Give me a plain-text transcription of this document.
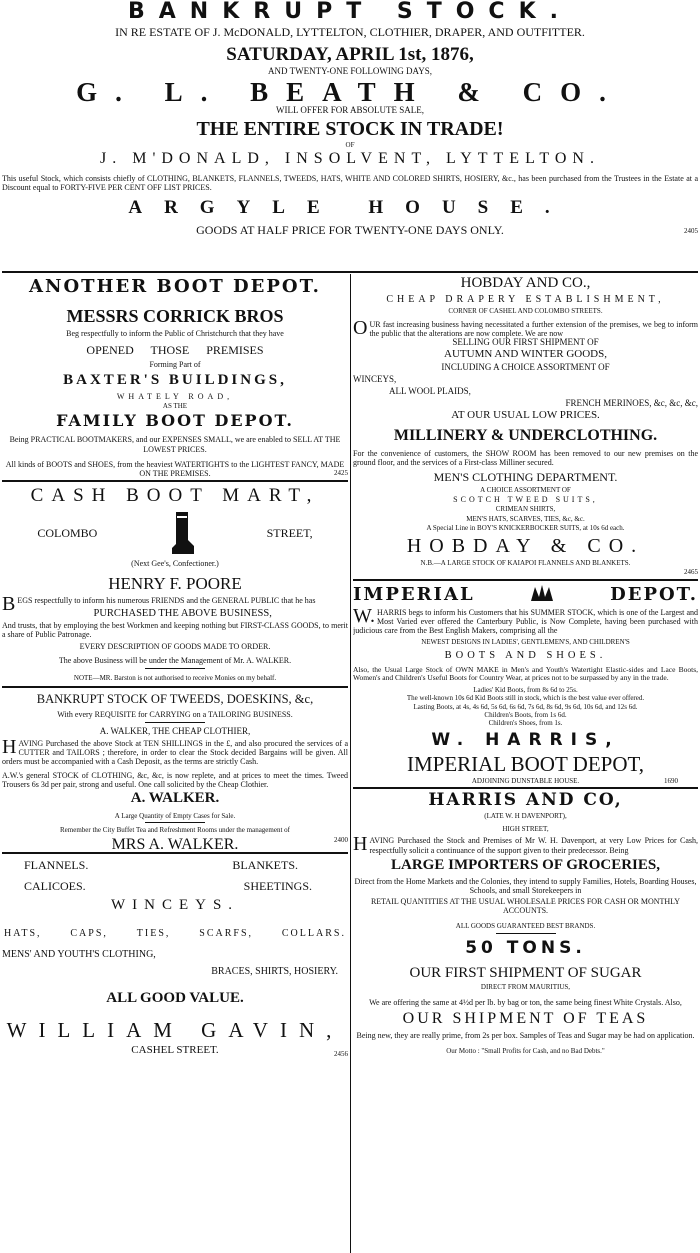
BANKRUPT STOCK.
IN RE ESTATE OF J. McDONALD, LYTTELTON, CLOTHIER, DRAPER, AND OUTFITTER.
SATURDAY, APRIL 1st, 1876,
AND TWENTY-ONE FOLLOWING DAYS,
G. L. BEATH & CO.
WILL OFFER FOR ABSOLUTE SALE,
THE ENTIRE STOCK IN TRADE!
OF
J. M'DONALD, INSOLVENT, LYTTELTON.
This useful Stock, which consists chiefly of CLOTHING, BLANKETS, FLANNELS, TWEEDS, HATS, WHITE AND COLORED SHIRTS, HOSIERY, &c., has been purchased from the Trustees in the Estate at a Discount equal to FORTY-FIVE PER CENT OFF LIST PRICES.
ARGYLE HOUSE.
GOODS AT HALF PRICE FOR TWENTY-ONE DAYS ONLY.	2405
ANOTHER BOOT DEPOT.
MESSRS CORRICK BROS
Beg respectfully to inform the Public of Christchurch that they have
OPENED THOSE PREMISES
Forming Part of
BAXTER'S BUILDINGS,
WHATELY ROAD,
AS THE
FAMILY BOOT DEPOT.
Being PRACTICAL BOOTMAKERS, and our EXPENSES SMALL, we are enabled to SELL AT THE LOWEST PRICES.
All kinds of BOOTS and SHOES, from the heaviest WATERTIGHTS to the LIGHTEST FANCY, MADE ON THE PREMISES.	2425
CASH BOOT MART,
COLOMBO	STREET,
(Next Gee's, Confectioner.)
HENRY F. POORE
BEGS respectfully to inform his numerous FRIENDS and the GENERAL PUBLIC that he has
PURCHASED THE ABOVE BUSINESS,
And trusts, that by employing the best Workmen and keeping nothing but FIRST-CLASS GOODS, to merit a share of Public Patronage.
EVERY DESCRIPTION OF GOODS MADE TO ORDER.
The above Business will be under the Management of Mr. A. WALKER.
NOTE—MR. Barston is not authorised to receive Monies on my behalf.
BANKRUPT STOCK OF TWEEDS, DOESKINS, &c,
With every REQUISITE for CARRYING on a TAILORING BUSINESS.
A. WALKER, THE CHEAP CLOTHIER,
HAVING Purchased the above Stock at TEN SHILLINGS in the £, and also procured the services of a CUTTER and TAILORS ; therefore, in order to clear the Stock decided Bargains will be given. All orders must be accompanied with a Cash Deposit, as the terms are strictly Cash.
A.W.'s general STOCK of CLOTHING, &c, &c, is now replete, and at prices to meet the times. Tweed Trousers 6s 3d per pair, strong and useful. One call solicited by the Cheap Clothier.
A. WALKER.
A Large Quantity of Empty Cases for Sale.
Remember the City Buffet Tea and Refreshment Rooms under the management of
MRS A. WALKER.	2400
FLANNELS.	BLANKETS.
CALICOES.	SHEETINGS.
WINCEYS.
HATS,	CAPS,	TIES,	SCARFS,	COLLARS.
MENS' AND YOUTH'S CLOTHING,
BRACES, SHIRTS, HOSIERY.
ALL GOOD VALUE.
WILLIAM GAVIN,
CASHEL STREET.	2456
HOBDAY AND CO.,
CHEAP DRAPERY ESTABLISHMENT,
CORNER OF CASHEL AND COLOMBO STREETS.
OUR fast increasing business having necessitated a further extension of the premises, we beg to inform the public that the alterations are now complete. We are now
SELLING OUR FIRST SHIPMENT OF
AUTUMN AND WINTER GOODS,
INCLUDING A CHOICE ASSORTMENT OF
WINCEYS,
ALL WOOL PLAIDS,
FRENCH MERINOES, &c, &c, &c,
AT OUR USUAL LOW PRICES.
MILLINERY & UNDERCLOTHING.
For the convenience of customers, the SHOW ROOM has been removed to our new premises on the ground floor, and the services of a First-class Milliner secured.
MEN'S CLOTHING DEPARTMENT.
A CHOICE ASSORTMENT OF
SCOTCH TWEED SUITS,
CRIMEAN SHIRTS,
MEN'S HATS, SCARVES, TIES, &c, &c.
A Special Line in BOY'S KNICKERBOCKER SUITS, at 10s 6d each.
HOBDAY & CO.
N.B.—A LARGE STOCK OF KAIAPOI FLANNELS AND BLANKETS.
2465
IMPERIAL	DEPOT.
W.HARRIS begs to inform his Customers that his SUMMER STOCK, which is one of the Largest and Most Varied ever offered the Canterbury Public, is Now Complete, having been purchased with judicious care from the Best English Makers, comprising all the
NEWEST DESIGNS IN LADIES', GENTLEMEN'S, AND CHILDREN'S
BOOTS AND SHOES.
Also, the Usual Large Stock of OWN MAKE in Men's and Youth's Watertight Elastic-sides and Lace Boots, Women's and Children's Useful Boots for Country Wear, at prices not to be surpassed by any in the trade.
Ladies' Kid Boots, from 8s 6d to 25s.
The well-known 10s 6d Kid Boots still in stock, which is the best value ever offered.
Lasting Boots, at 4s, 4s 6d, 5s 6d, 6s 6d, 7s 6d, 8s 6d, 9s 6d, 10s 6d, and 12s 6d.
Children's Boots, from 1s 6d.
Children's Shoes, from 1s.
W. HARRIS,
IMPERIAL BOOT DEPOT,
ADJOINING DUNSTABLE HOUSE.	1690
HARRIS AND CO,
(LATE W. H DAVENPORT),
HIGH STREET,
HAVING Purchased the Stock and Premises of Mr W. H. Davenport, at very Low Prices for Cash, respectfully solicit a continuance of the support given to their predecessor. Being
LARGE IMPORTERS OF GROCERIES,
Direct from the Home Markets and the Colonies, they intend to supply Families, Hotels, Boarding Houses, Schools, and small Storekeepers in
RETAIL QUANTITIES AT THE USUAL WHOLESALE PRICES FOR CASH OR MONTHLY ACCOUNTS.
ALL GOODS GUARANTEED BEST BRANDS.
50 TONS.
OUR FIRST SHIPMENT OF SUGAR
DIRECT FROM MAURITIUS,
We are offering the same at 4½d per lb. by bag or ton, the same being finest White Crystals. Also,
OUR SHIPMENT OF TEAS
Being new, they are really prime, from 2s per box. Samples of Teas and Sugar may be had on application.
Our Motto : "Small Profits for Cash, and no Bad Debts."
